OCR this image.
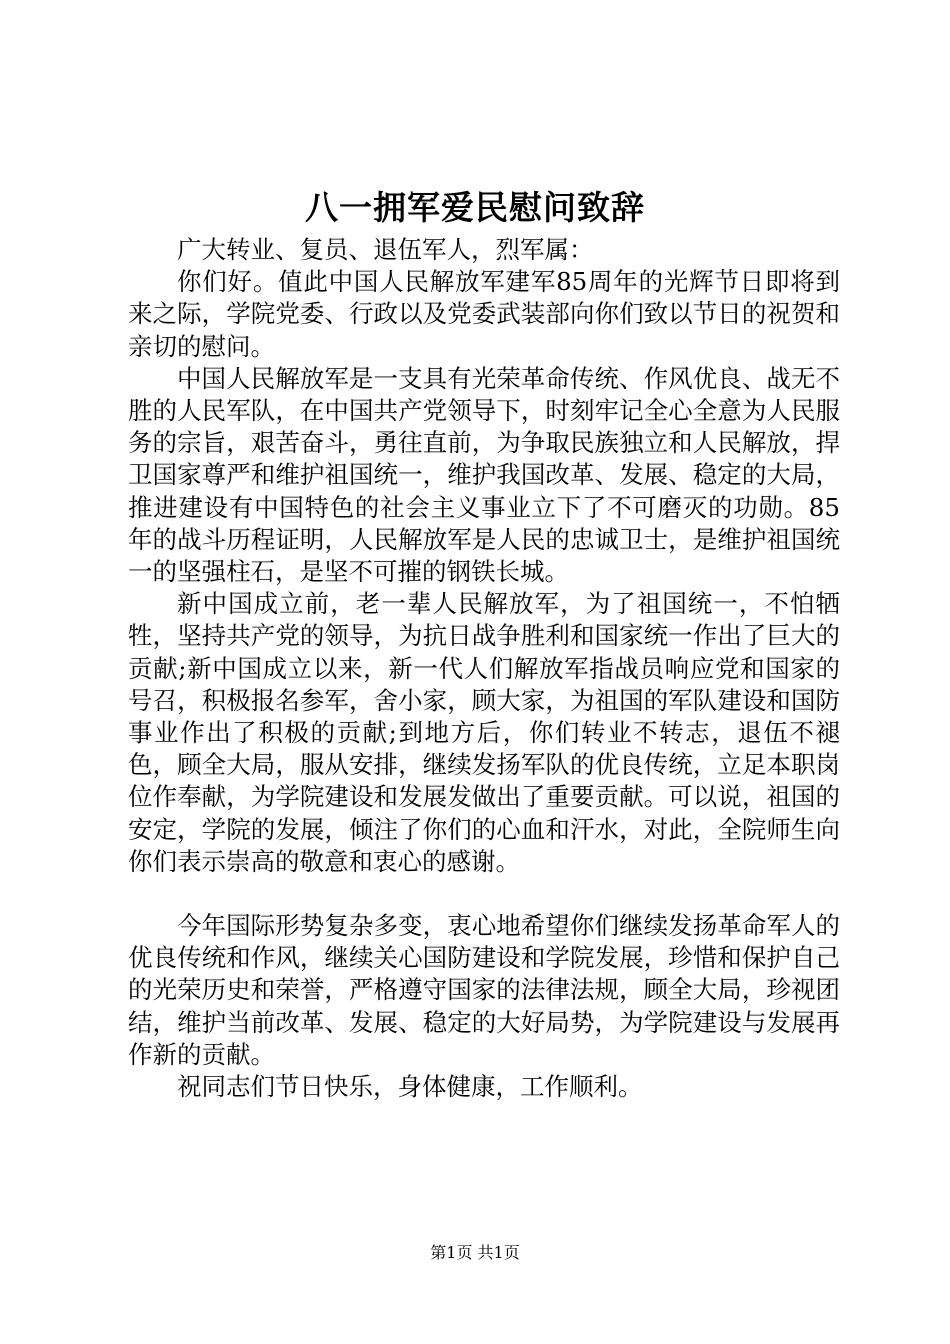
八一拥军爱民慰问致辞

广大转业、复员、退伍军人，烈军属：

你们好。值此中国人民解放军建军85周年的光辉节日即将到来之际，学院党委、行政以及党委武装部向你们致以节日的祝贺和亲切的慰问。

中国人民解放军是一支具有光荣革命传统、作风优良、战无不胜的人民军队，在中国共产党领导下，时刻牢记全心全意为人民服务的宗旨，艰苦奋斗，勇往直前，为争取民族独立和人民解放，捍卫国家尊严和维护祖国统一，维护我国改革、发展、稳定的大局，推进建设有中国特色的社会主义事业立下了不可磨灭的功勋。85年的战斗历程证明，人民解放军是人民的忠诚卫士，是维护祖国统一的坚强柱石，是坚不可摧的钢铁长城。

新中国成立前，老一辈人民解放军，为了祖国统一，不怕牺牲，坚持共产党的领导，为抗日战争胜利和国家统一作出了巨大的贡献;新中国成立以来，新一代人们解放军指战员响应党和国家的号召，积极报名参军，舍小家，顾大家，为祖国的军队建设和国防事业作出了积极的贡献;到地方后，你们转业不转志，退伍不褪色，顾全大局，服从安排，继续发扬军队的优良传统，立足本职岗位作奉献，为学院建设和发展发做出了重要贡献。可以说，祖国的安定，学院的发展，倾注了你们的心血和汗水，对此，全院师生向你们表示崇高的敬意和衷心的感谢。

今年国际形势复杂多变，衷心地希望你们继续发扬革命军人的优良传统和作风，继续关心国防建设和学院发展，珍惜和保护自己的光荣历史和荣誉，严格遵守国家的法律法规，顾全大局，珍视团结，维护当前改革、发展、稳定的大好局势，为学院建设与发展再作新的贡献。

祝同志们节日快乐，身体健康，工作顺利。

第1页 共1页
